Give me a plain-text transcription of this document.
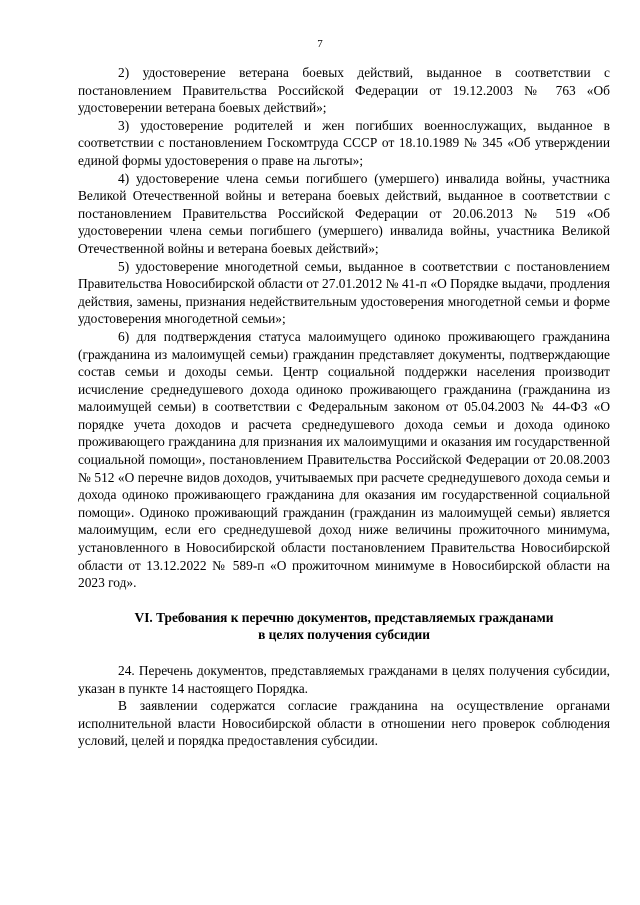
7

2) удостоверение ветерана боевых действий, выданное в соответствии с постановлением Правительства Российской Федерации от 19.12.2003 № 763 «Об удостоверении ветерана боевых действий»;

3) удостоверение родителей и жен погибших военнослужащих, выданное в соответствии с постановлением Госкомтруда СССР от 18.10.1989 № 345 «Об утверждении единой формы удостоверения о праве на льготы»;

4) удостоверение члена семьи погибшего (умершего) инвалида войны, участника Великой Отечественной войны и ветерана боевых действий, выданное в соответствии с постановлением Правительства Российской Федерации от 20.06.2013 № 519 «Об удостоверении члена семьи погибшего (умершего) инвалида войны, участника Великой Отечественной войны и ветерана боевых действий»;

5) удостоверение многодетной семьи, выданное в соответствии с постановлением Правительства Новосибирской области от 27.01.2012 № 41-п «О Порядке выдачи, продления действия, замены, признания недействительным удостоверения многодетной семьи и форме удостоверения многодетной семьи»;

6) для подтверждения статуса малоимущего одиноко проживающего гражданина (гражданина из малоимущей семьи) гражданин представляет документы, подтверждающие состав семьи и доходы семьи. Центр социальной поддержки населения производит исчисление среднедушевого дохода одиноко проживающего гражданина (гражданина из малоимущей семьи) в соответствии с Федеральным законом от 05.04.2003 № 44-ФЗ «О порядке учета доходов и расчета среднедушевого дохода семьи и дохода одиноко проживающего гражданина для признания их малоимущими и оказания им государственной социальной помощи», постановлением Правительства Российской Федерации от 20.08.2003 № 512 «О перечне видов доходов, учитываемых при расчете среднедушевого дохода семьи и дохода одиноко проживающего гражданина для оказания им государственной социальной помощи». Одиноко проживающий гражданин (гражданин из малоимущей семьи) является малоимущим, если его среднедушевой доход ниже величины прожиточного минимума, установленного в Новосибирской области постановлением Правительства Новосибирской области от 13.12.2022 № 589-п «О прожиточном минимуме в Новосибирской области на 2023 год».

VI. Требования к перечню документов, представляемых гражданами
в целях получения субсидии

24. Перечень документов, представляемых гражданами в целях получения субсидии, указан в пункте 14 настоящего Порядка.

В заявлении содержатся согласие гражданина на осуществление органами исполнительной власти Новосибирской области в отношении него проверок соблюдения условий, целей и порядка предоставления субсидии.
